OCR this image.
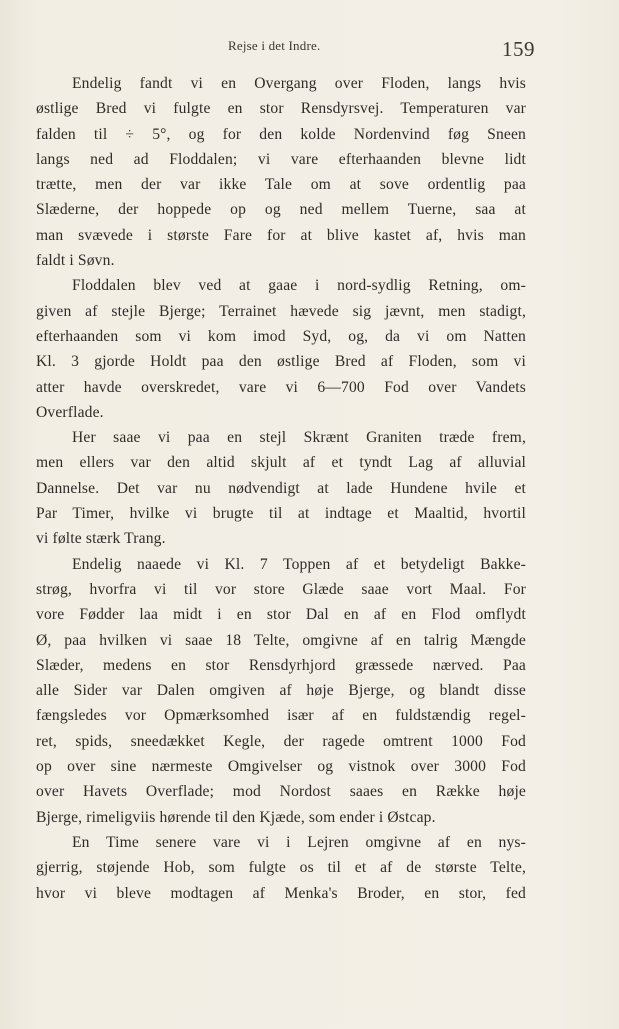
Rejse i det Indre.	159
Endelig fandt vi en Overgang over Floden, langs hvis
østlige Bred vi fulgte en stor Rensdyrsvej. Temperaturen var
falden til ÷ 5°, og for den kolde Nordenvind føg Sneen
langs ned ad Floddalen; vi vare efterhaanden blevne lidt
trætte, men der var ikke Tale om at sove ordentlig paa
Slæderne, der hoppede op og ned mellem Tuerne, saa at
man svævede i største Fare for at blive kastet af, hvis man
faldt i Søvn.
Floddalen blev ved at gaae i nord-sydlig Retning, om-
given af stejle Bjerge; Terrainet hævede sig jævnt, men stadigt,
efterhaanden som vi kom imod Syd, og, da vi om Natten
Kl. 3 gjorde Holdt paa den østlige Bred af Floden, som vi
atter havde overskredet, vare vi 6—700 Fod over Vandets
Overflade.
Her saae vi paa en stejl Skrænt Graniten træde frem,
men ellers var den altid skjult af et tyndt Lag af alluvial
Dannelse. Det var nu nødvendigt at lade Hundene hvile et
Par Timer, hvilke vi brugte til at indtage et Maaltid, hvortil
vi følte stærk Trang.
Endelig naaede vi Kl. 7 Toppen af et betydeligt Bakke-
strøg, hvorfra vi til vor store Glæde saae vort Maal. For
vore Fødder laa midt i en stor Dal en af en Flod omflydt
Ø, paa hvilken vi saae 18 Telte, omgivne af en talrig Mængde
Slæder, medens en stor Rensdyrhjord græssede nærved. Paa
alle Sider var Dalen omgiven af høje Bjerge, og blandt disse
fængsledes vor Opmærksomhed især af en fuldstændig regel-
ret, spids, sneedækket Kegle, der ragede omtrent 1000 Fod
op over sine nærmeste Omgivelser og vistnok over 3000 Fod
over Havets Overflade; mod Nordost saaes en Række høje
Bjerge, rimeligviis hørende til den Kjæde, som ender i Østcap.
En Time senere vare vi i Lejren omgivne af en nys-
gjerrig, støjende Hob, som fulgte os til et af de største Telte,
hvor vi bleve modtagen af Menka's Broder, en stor, fed
